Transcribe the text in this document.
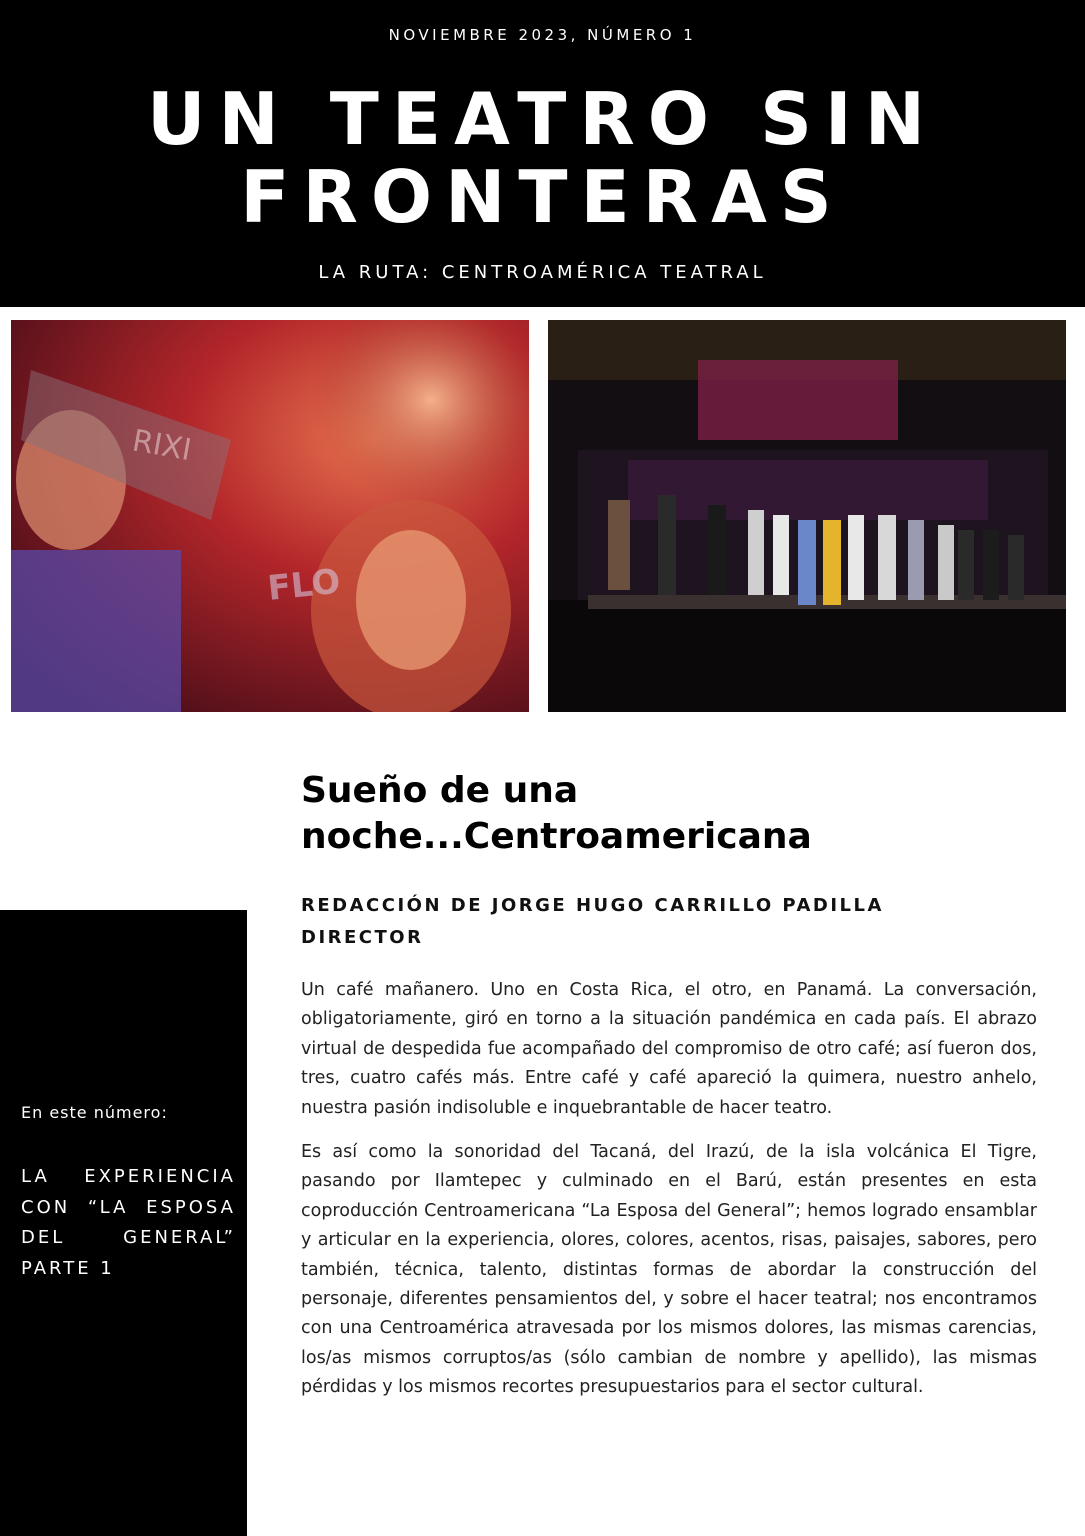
NOVIEMBRE 2023, NÚMERO 1
UN TEATRO SIN
FRONTERAS
LA RUTA: CENTROAMÉRICA TEATRAL
RIXI
FLO
Sueño de una
noche...Centroamericana
REDACCIÓN DE JORGE HUGO CARRILLO PADILLA
DIRECTOR

Un café mañanero. Uno en Costa Rica, el otro, en Panamá. La conversación, obligatoriamente, giró en torno a la situación pandémica en cada país. El abrazo virtual de despedida fue acompañado del compromiso de otro café; así fueron dos, tres, cuatro cafés más. Entre café y café apareció la quimera, nuestro anhelo, nuestra pasión indisoluble e inquebrantable de hacer teatro.

Es así como la sonoridad del Tacaná, del Irazú, de la isla volcánica El Tigre, pasando por Ilamtepec y culminado en el Barú, están presentes en esta coproducción Centroamericana “La Esposa del General”; hemos logrado ensamblar y articular en la experiencia, olores, colores, acentos, risas, paisajes, sabores, pero también, técnica, talento, distintas formas de abordar la construcción del personaje, diferentes pensamientos del, y sobre el hacer teatral; nos encontramos con una Centroamérica atravesada por los mismos dolores, las mismas carencias, los/as mismos corruptos/as (sólo cambian de nombre y apellido), las mismas pérdidas y los mismos recortes presupuestarios para el sector cultural.

En este número:
LA EXPERIENCIA CON “LA ESPOSA DEL GENERAL” PARTE 1
